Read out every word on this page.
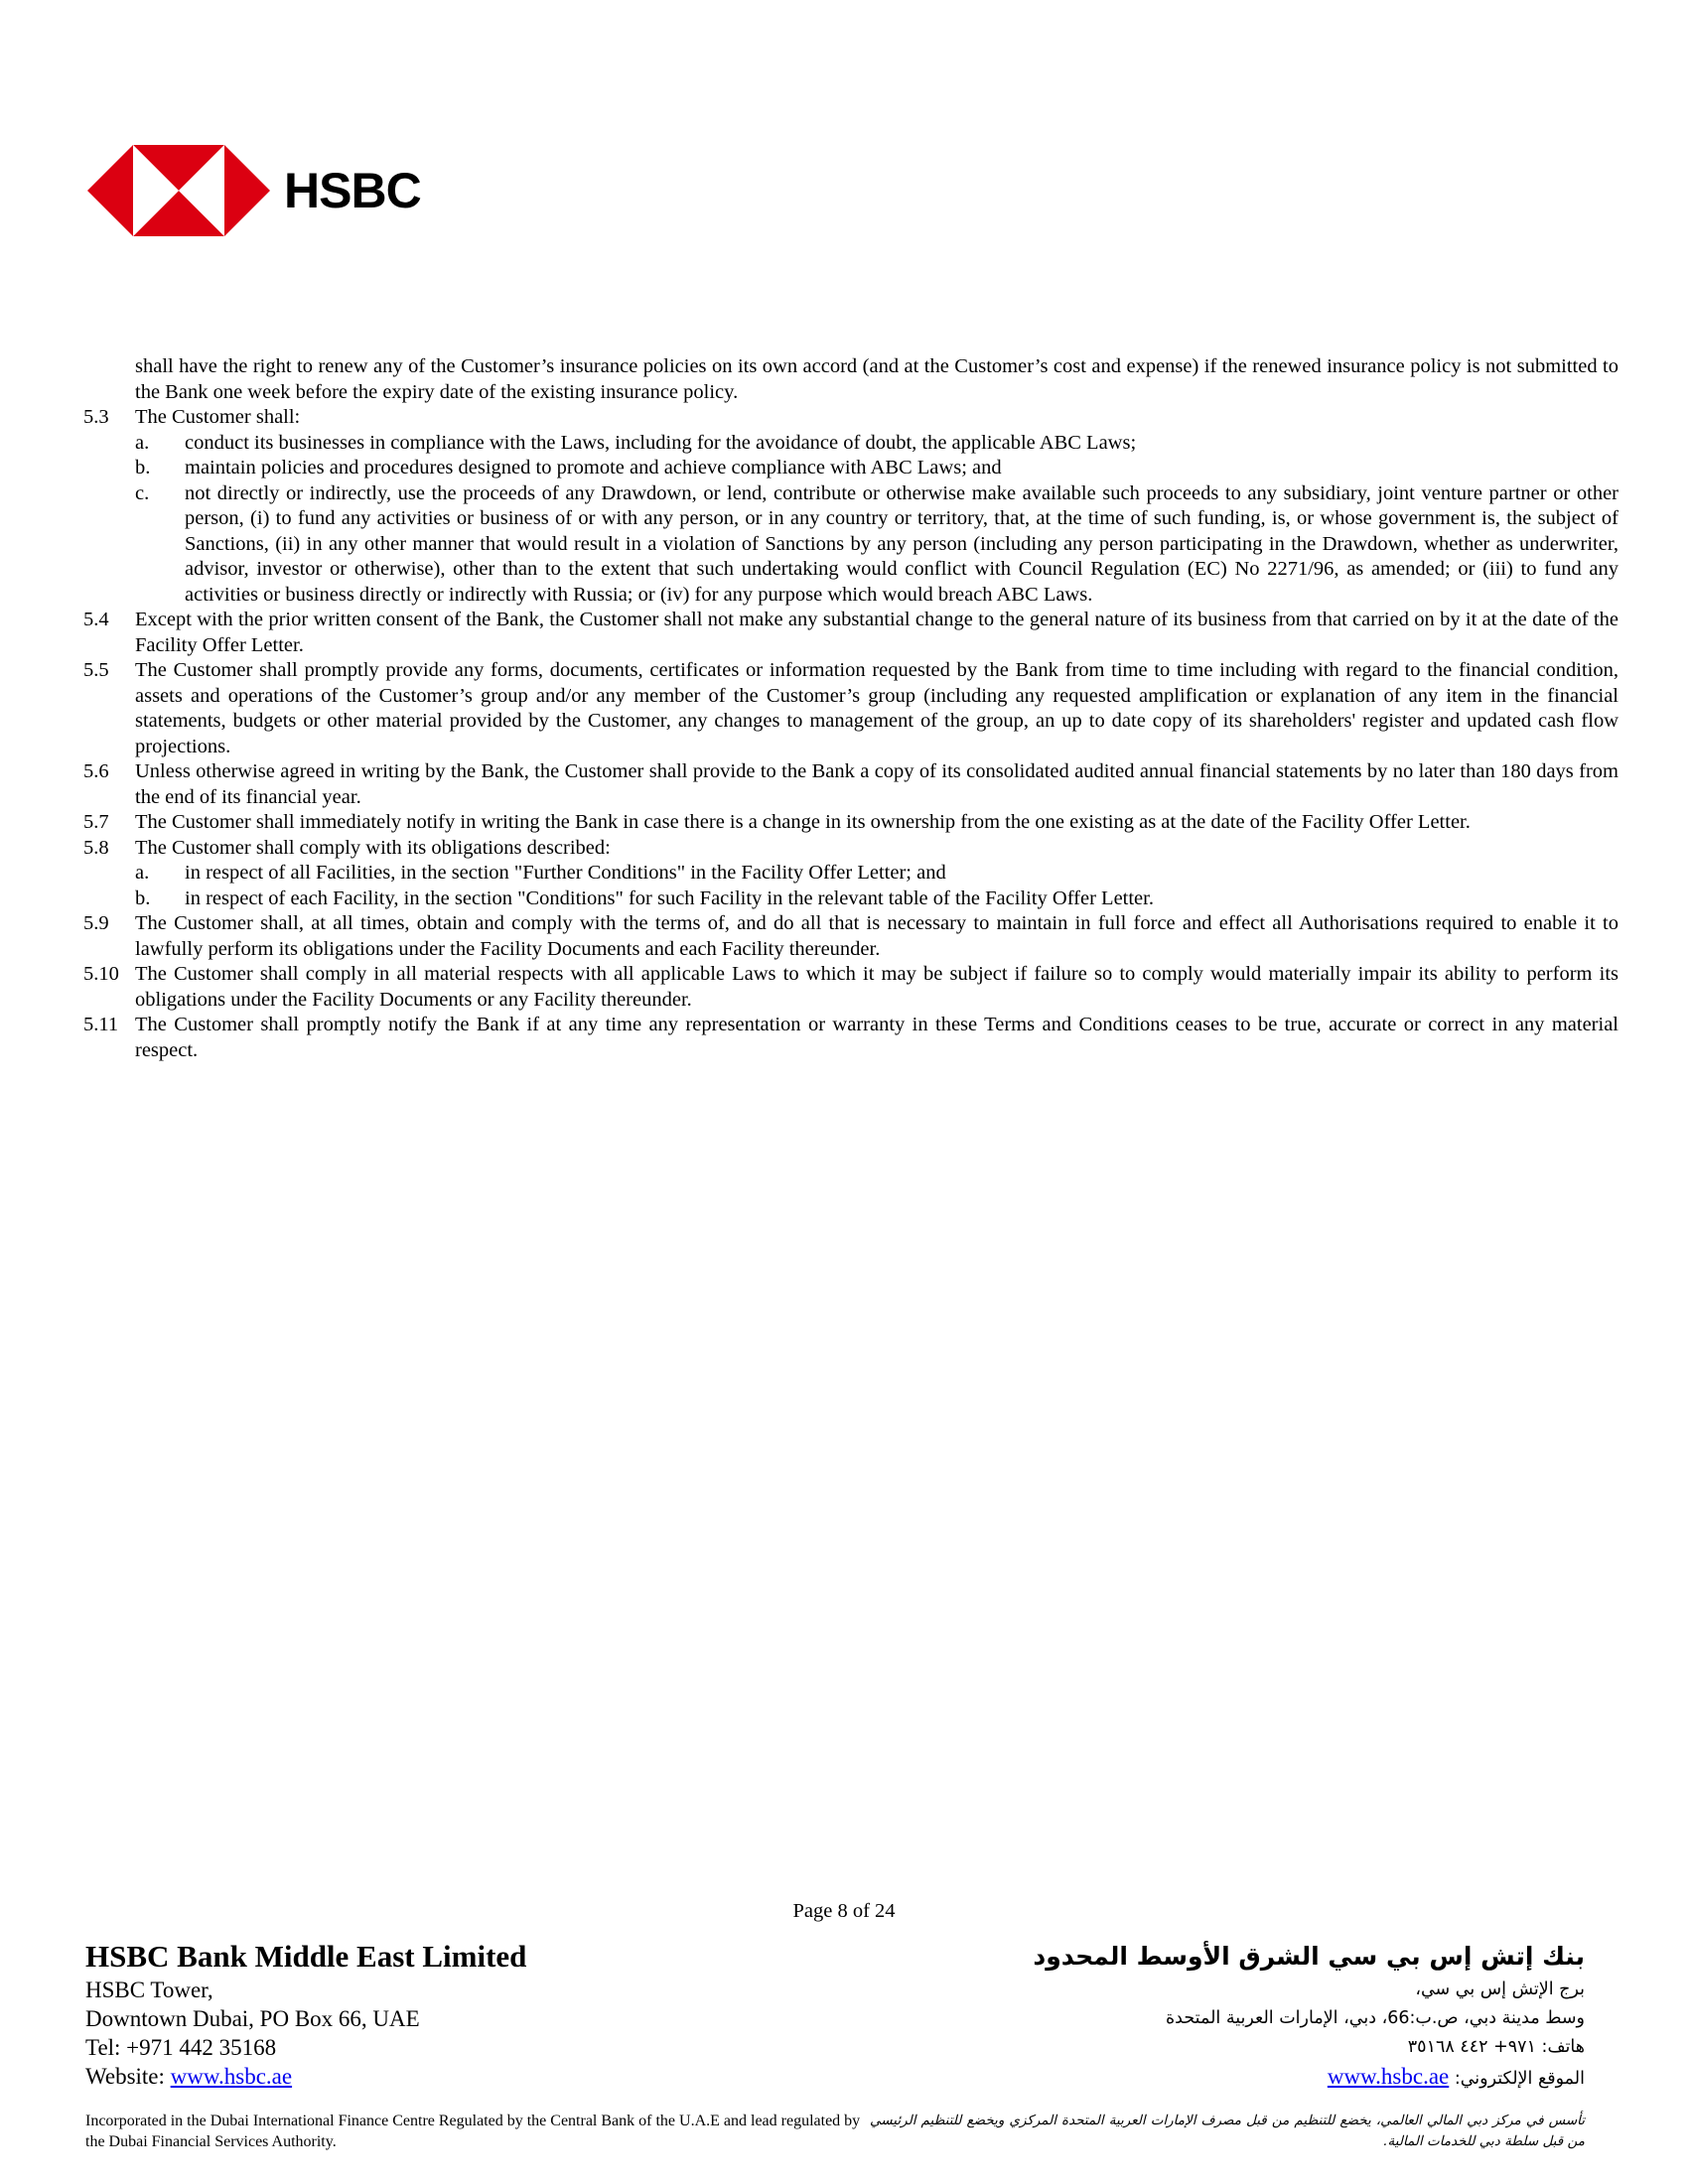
HSBC
shall have the right to renew any of the Customer’s insurance policies on its own accord (and at the Customer’s cost and expense) if the renewed insurance policy is not submitted to the Bank one week before the expiry date of the existing insurance policy.
5.3	The Customer shall:
a.	conduct its businesses in compliance with the Laws, including for the avoidance of doubt, the applicable ABC Laws;
b.	maintain policies and procedures designed to promote and achieve compliance with ABC Laws; and
c.	not directly or indirectly, use the proceeds of any Drawdown, or lend, contribute or otherwise make available such proceeds to any subsidiary, joint venture partner or other person, (i) to fund any activities or business of or with any person, or in any country or territory, that, at the time of such funding, is, or whose government is, the subject of Sanctions, (ii) in any other manner that would result in a violation of Sanctions by any person (including any person participating in the Drawdown, whether as underwriter, advisor, investor or otherwise), other than to the extent that such undertaking would conflict with Council Regulation (EC) No 2271/96, as amended; or (iii) to fund any activities or business directly or indirectly with Russia; or (iv) for any purpose which would breach ABC Laws.
5.4	Except with the prior written consent of the Bank, the Customer shall not make any substantial change to the general nature of its business from that carried on by it at the date of the Facility Offer Letter.
5.5	The Customer shall promptly provide any forms, documents, certificates or information requested by the Bank from time to time including with regard to the financial condition, assets and operations of the Customer’s group and/or any member of the Customer’s group (including any requested amplification or explanation of any item in the financial statements, budgets or other material provided by the Customer, any changes to management of the group, an up to date copy of its shareholders' register and updated cash flow projections.
5.6	Unless otherwise agreed in writing by the Bank, the Customer shall provide to the Bank a copy of its consolidated audited annual financial statements by no later than 180 days from the end of its financial year.
5.7	The Customer shall immediately notify in writing the Bank in case there is a change in its ownership from the one existing as at the date of the Facility Offer Letter.
5.8	The Customer shall comply with its obligations described:
a.	in respect of all Facilities, in the section "Further Conditions" in the Facility Offer Letter; and
b.	in respect of each Facility, in the section "Conditions" for such Facility in the relevant table of the Facility Offer Letter.
5.9	The Customer shall, at all times, obtain and comply with the terms of, and do all that is necessary to maintain in full force and effect all Authorisations required to enable it to lawfully perform its obligations under the Facility Documents and each Facility thereunder.
5.10 The Customer shall comply in all material respects with all applicable Laws to which it may be subject if failure so to comply would materially impair its ability to perform its obligations under the Facility Documents or any Facility thereunder.
5.11 The Customer shall promptly notify the Bank if at any time any representation or warranty in these Terms and Conditions ceases to be true, accurate or correct in any material respect.
Page 8 of 24
HSBC Bank Middle East Limited
HSBC Tower,
Downtown Dubai, PO Box 66, UAE
Tel: +971 442 35168
Website: www.hsbc.ae
بنك إتش إس بي سي الشرق الأوسط المحدود
برج الإتش إس بي سي،
وسط مدينة دبي، ص.ب:66، دبي، الإمارات العربية المتحدة
هاتف: ٩٧١+ ٤٤٢ ٣٥١٦٨
الموقع الإلكتروني: www.hsbc.ae
Incorporated in the Dubai International Finance Centre Regulated by the Central Bank of the U.A.E and lead regulated by the Dubai Financial Services Authority.
تأسس في مركز دبي المالي العالمي، يخضع للتنظيم من قبل مصرف الإمارات العربية المتحدة المركزي ويخضع للتنظيم الرئيسي من قبل سلطة دبي للخدمات المالية.
